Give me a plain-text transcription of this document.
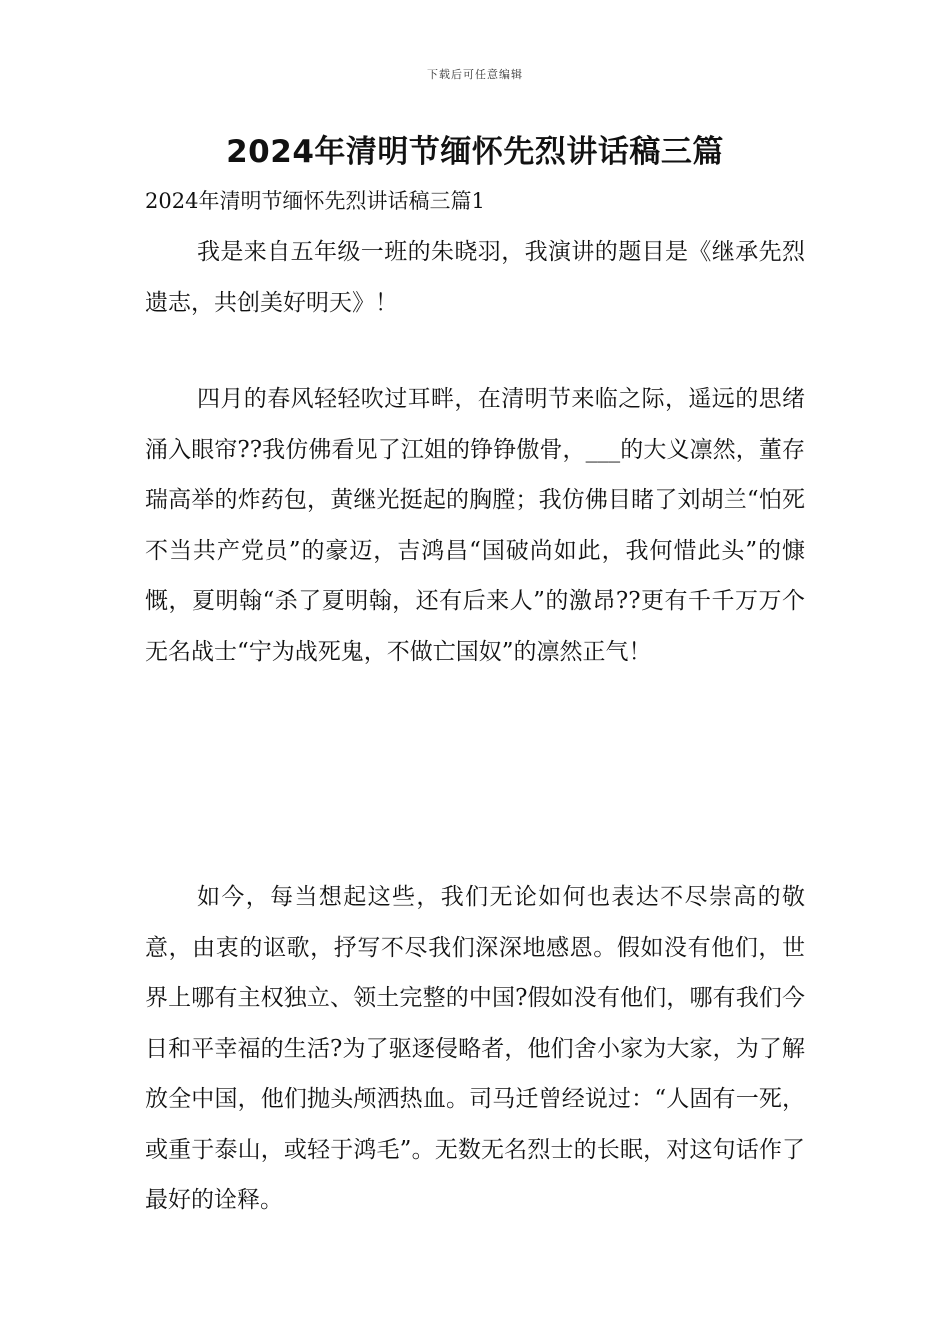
下载后可任意编辑
2024年清明节缅怀先烈讲话稿三篇
2024年清明节缅怀先烈讲话稿三篇1

我是来自五年级一班的朱晓羽，我演讲的题目是《继承先烈遗志，共创美好明天》！

四月的春风轻轻吹过耳畔，在清明节来临之际，遥远的思绪涌入眼帘??我仿佛看见了江姐的铮铮傲骨，___的大义凛然，董存瑞高举的炸药包，黄继光挺起的胸膛；我仿佛目睹了刘胡兰“怕死不当共产党员”的豪迈，吉鸿昌“国破尚如此，我何惜此头”的慷慨，夏明翰“杀了夏明翰，还有后来人”的激昂??更有千千万万个无名战士“宁为战死鬼，不做亡国奴”的凛然正气！

如今，每当想起这些，我们无论如何也表达不尽崇高的敬意，由衷的讴歌，抒写不尽我们深深地感恩。假如没有他们，世界上哪有主权独立、领土完整的中国?假如没有他们，哪有我们今日和平幸福的生活?为了驱逐侵略者，他们舍小家为大家，为了解放全中国，他们抛头颅洒热血。司马迁曾经说过：“人固有一死，或重于泰山，或轻于鸿毛”。无数无名烈士的长眠，对这句话作了最好的诠释。
